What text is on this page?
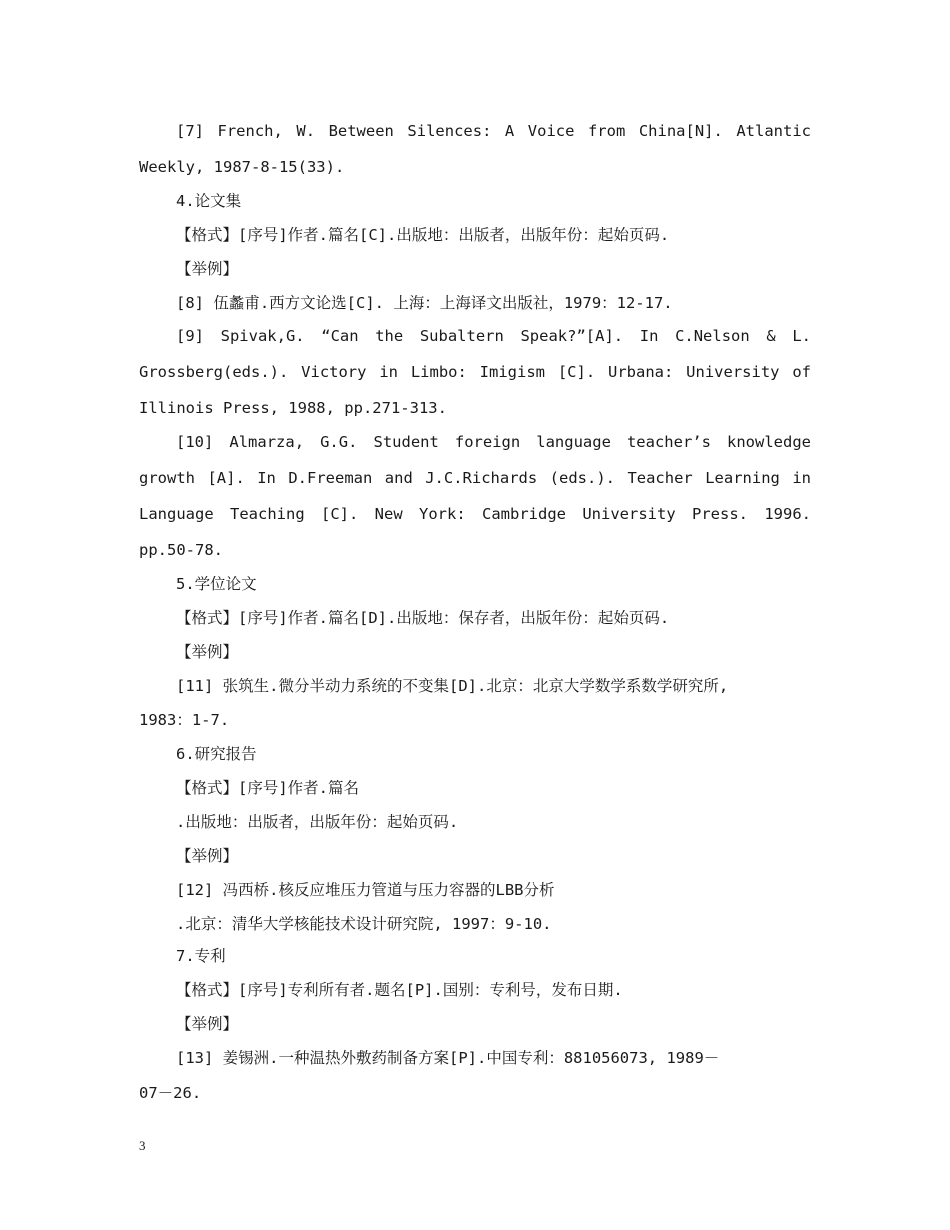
[7] French, W. Between Silences: A Voice from China[N]. Atlantic
Weekly, 1987-8-15(33).
4.论文集
【格式】[序号]作者.篇名[C].出版地：出版者，出版年份：起始页码.
【举例】
[8] 伍蠡甫.西方文论选[C]. 上海：上海译文出版社，1979：12-17.
[9] Spivak,G. “Can the Subaltern Speak?”[A]. In C.Nelson & L.
Grossberg(eds.). Victory in Limbo: Imigism [C]. Urbana: University of
Illinois Press, 1988, pp.271-313.
[10] Almarza, G.G. Student foreign language teacher’s knowledge
growth [A]. In D.Freeman and J.C.Richards (eds.). Teacher Learning in
Language Teaching [C]. New York: Cambridge University Press. 1996.
pp.50-78.
5.学位论文
【格式】[序号]作者.篇名[D].出版地：保存者，出版年份：起始页码.
【举例】
[11] 张筑生.微分半动力系统的不变集[D].北京：北京大学数学系数学研究所,
1983：1-7.
6.研究报告
【格式】[序号]作者.篇名
.出版地：出版者，出版年份：起始页码.
【举例】
[12] 冯西桥.核反应堆压力管道与压力容器的LBB分析
.北京：清华大学核能技术设计研究院, 1997：9-10.
7.专利
【格式】[序号]专利所有者.题名[P].国别：专利号，发布日期.
【举例】
[13] 姜锡洲.一种温热外敷药制备方案[P].中国专利：881056073, 1989－
07－26.
3
